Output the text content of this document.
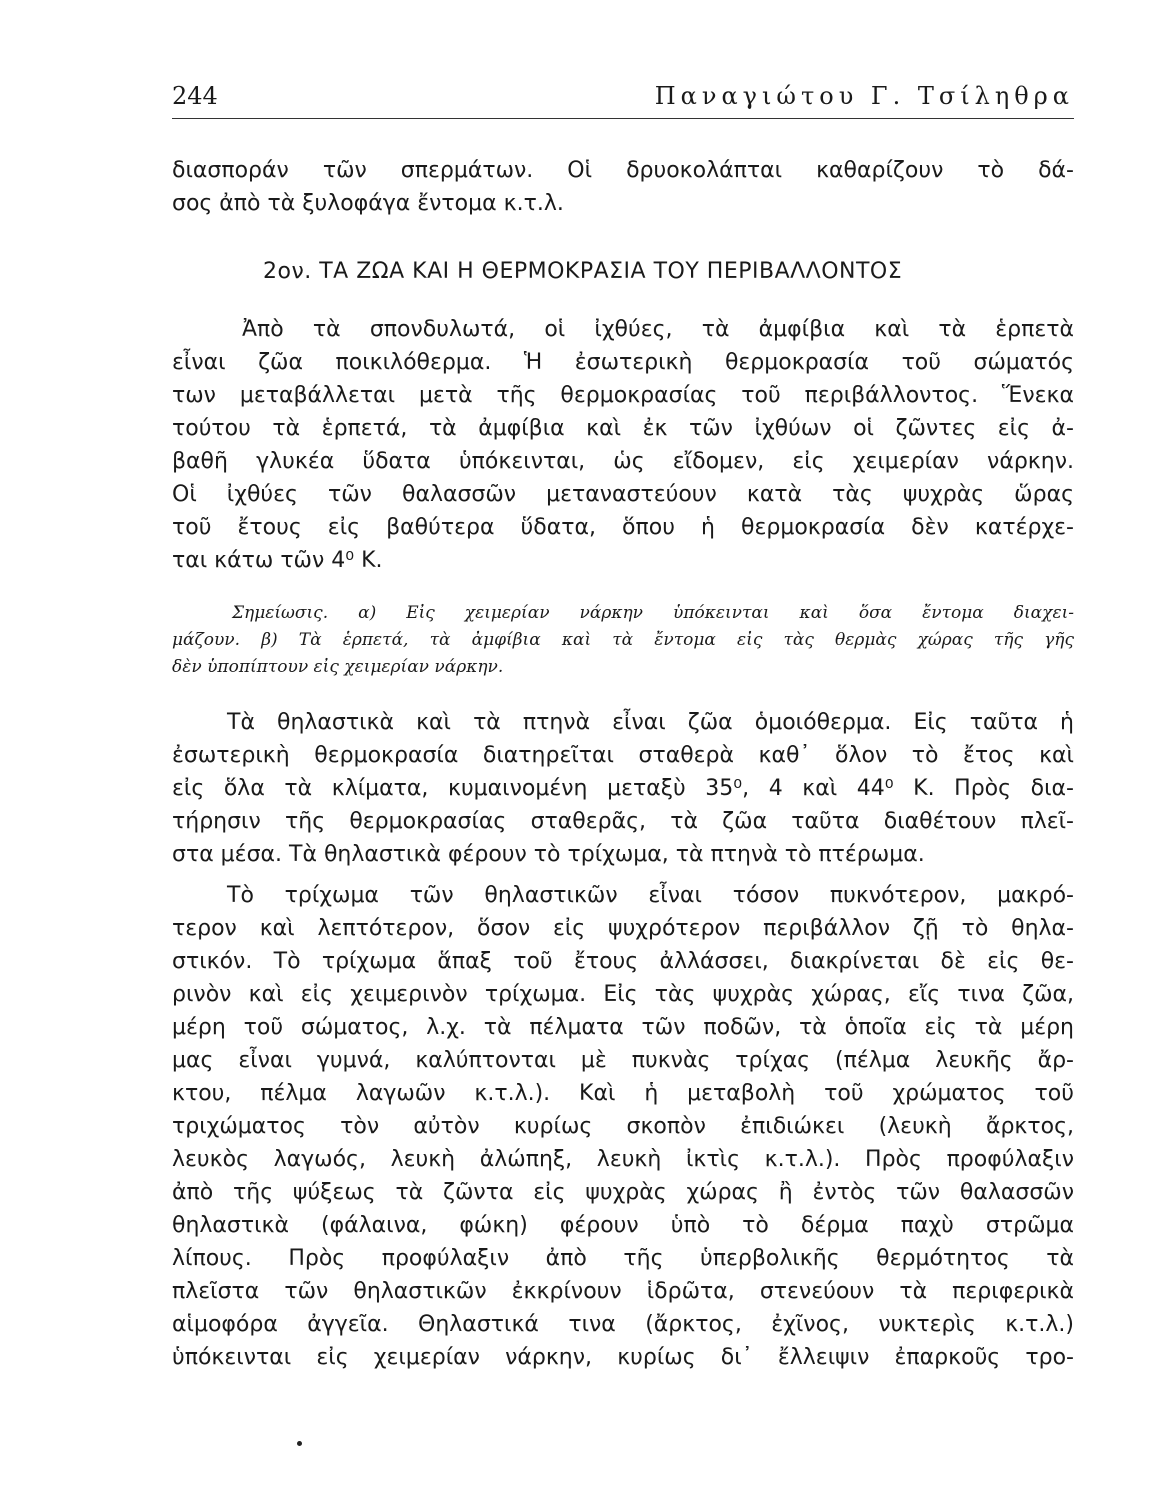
244	Παναγιώτου Γ. Τσίληθρα

διασποράν τῶν σπερμάτων. Οἱ δρυοκολάπται καθαρίζουν τὸ δά-

σος ἀπὸ τὰ ξυλοφάγα ἔντομα κ.τ.λ.

2ον. ΤΑ ΖΩΑ ΚΑΙ Η ΘΕΡΜΟΚΡΑΣΙΑ ΤΟΥ ΠΕΡΙΒΑΛΛΟΝΤΟΣ

Ἀπὸ τὰ σπονδυλωτά, οἱ ἰχθύες, τὰ ἀμφίβια καὶ τὰ ἑρπετὰ

εἶναι ζῶα ποικιλόθερμα. Ἡ ἐσωτερικὴ θερμοκρασία τοῦ σώματός

των μεταβάλλεται μετὰ τῆς θερμοκρασίας τοῦ περιβάλλοντος. Ἕνεκα

τούτου τὰ ἑρπετά, τὰ ἀμφίβια καὶ ἐκ τῶν ἰχθύων οἱ ζῶντες εἰς ἀ-

βαθῆ γλυκέα ὕδατα ὑπόκεινται, ὡς εἴδομεν, εἰς χειμερίαν νάρκην.

Οἱ ἰχθύες τῶν θαλασσῶν μεταναστεύουν κατὰ τὰς ψυχρὰς ὥρας

τοῦ ἔτους εἰς βαθύτερα ὕδατα, ὅπου ἡ θερμοκρασία δὲν κατέρχε-

ται κάτω τῶν 4⁰ Κ.

Σημείωσις. α) Εἰς χειμερίαν νάρκην ὑπόκεινται καὶ ὅσα ἔντομα διαχει-

μάζουν. β) Τὰ ἑρπετά, τὰ ἀμφίβια καὶ τὰ ἔντομα εἰς τὰς θερμὰς χώρας τῆς γῆς

δὲν ὑποπίπτουν εἰς χειμερίαν νάρκην.

Τὰ θηλαστικὰ καὶ τὰ πτηνὰ εἶναι ζῶα ὁμοιόθερμα. Εἰς ταῦτα ἡ

ἐσωτερικὴ θερμοκρασία διατηρεῖται σταθερὰ καθ᾿ ὅλον τὸ ἔτος καὶ

εἰς ὅλα τὰ κλίματα, κυμαινομένη μεταξὺ 35⁰, 4 καὶ 44⁰ Κ. Πρὸς δια-

τήρησιν τῆς θερμοκρασίας σταθερᾶς, τὰ ζῶα ταῦτα διαθέτουν πλεῖ-

στα μέσα. Τὰ θηλαστικὰ φέρουν τὸ τρίχωμα, τὰ πτηνὰ τὸ πτέρωμα.

Τὸ τρίχωμα τῶν θηλαστικῶν εἶναι τόσον πυκνότερον, μακρό-

τερον καὶ λεπτότερον, ὅσον εἰς ψυχρότερον περιβάλλον ζῇ τὸ θηλα-

στικόν. Τὸ τρίχωμα ἅπαξ τοῦ ἔτους ἀλλάσσει, διακρίνεται δὲ εἰς θε-

ρινὸν καὶ εἰς χειμερινὸν τρίχωμα. Εἰς τὰς ψυχρὰς χώρας, εἴς τινα ζῶα,

μέρη τοῦ σώματος, λ.χ. τὰ πέλματα τῶν ποδῶν, τὰ ὁποῖα εἰς τὰ μέρη

μας εἶναι γυμνά, καλύπτονται μὲ πυκνὰς τρίχας (πέλμα λευκῆς ἄρ-

κτου, πέλμα λαγωῶν κ.τ.λ.). Καὶ ἡ μεταβολὴ τοῦ χρώματος τοῦ

τριχώματος τὸν αὐτὸν κυρίως σκοπὸν ἐπιδιώκει (λευκὴ ἄρκτος,

λευκὸς λαγωός, λευκὴ ἀλώπηξ, λευκὴ ἰκτὶς κ.τ.λ.). Πρὸς προφύλαξιν

ἀπὸ τῆς ψύξεως τὰ ζῶντα εἰς ψυχρὰς χώρας ἢ ἐντὸς τῶν θαλασσῶν

θηλαστικὰ (φάλαινα, φώκη) φέρουν ὑπὸ τὸ δέρμα παχὺ στρῶμα

λίπους. Πρὸς προφύλαξιν ἀπὸ τῆς ὑπερβολικῆς θερμότητος τὰ

πλεῖστα τῶν θηλαστικῶν ἐκκρίνουν ἱδρῶτα, στενεύουν τὰ περιφερικὰ

αἱμοφόρα ἀγγεῖα. Θηλαστικά τινα (ἄρκτος, ἐχῖνος, νυκτερὶς κ.τ.λ.)

ὑπόκεινται εἰς χειμερίαν νάρκην, κυρίως δι᾿ ἔλλειψιν ἐπαρκοῦς τρο-
